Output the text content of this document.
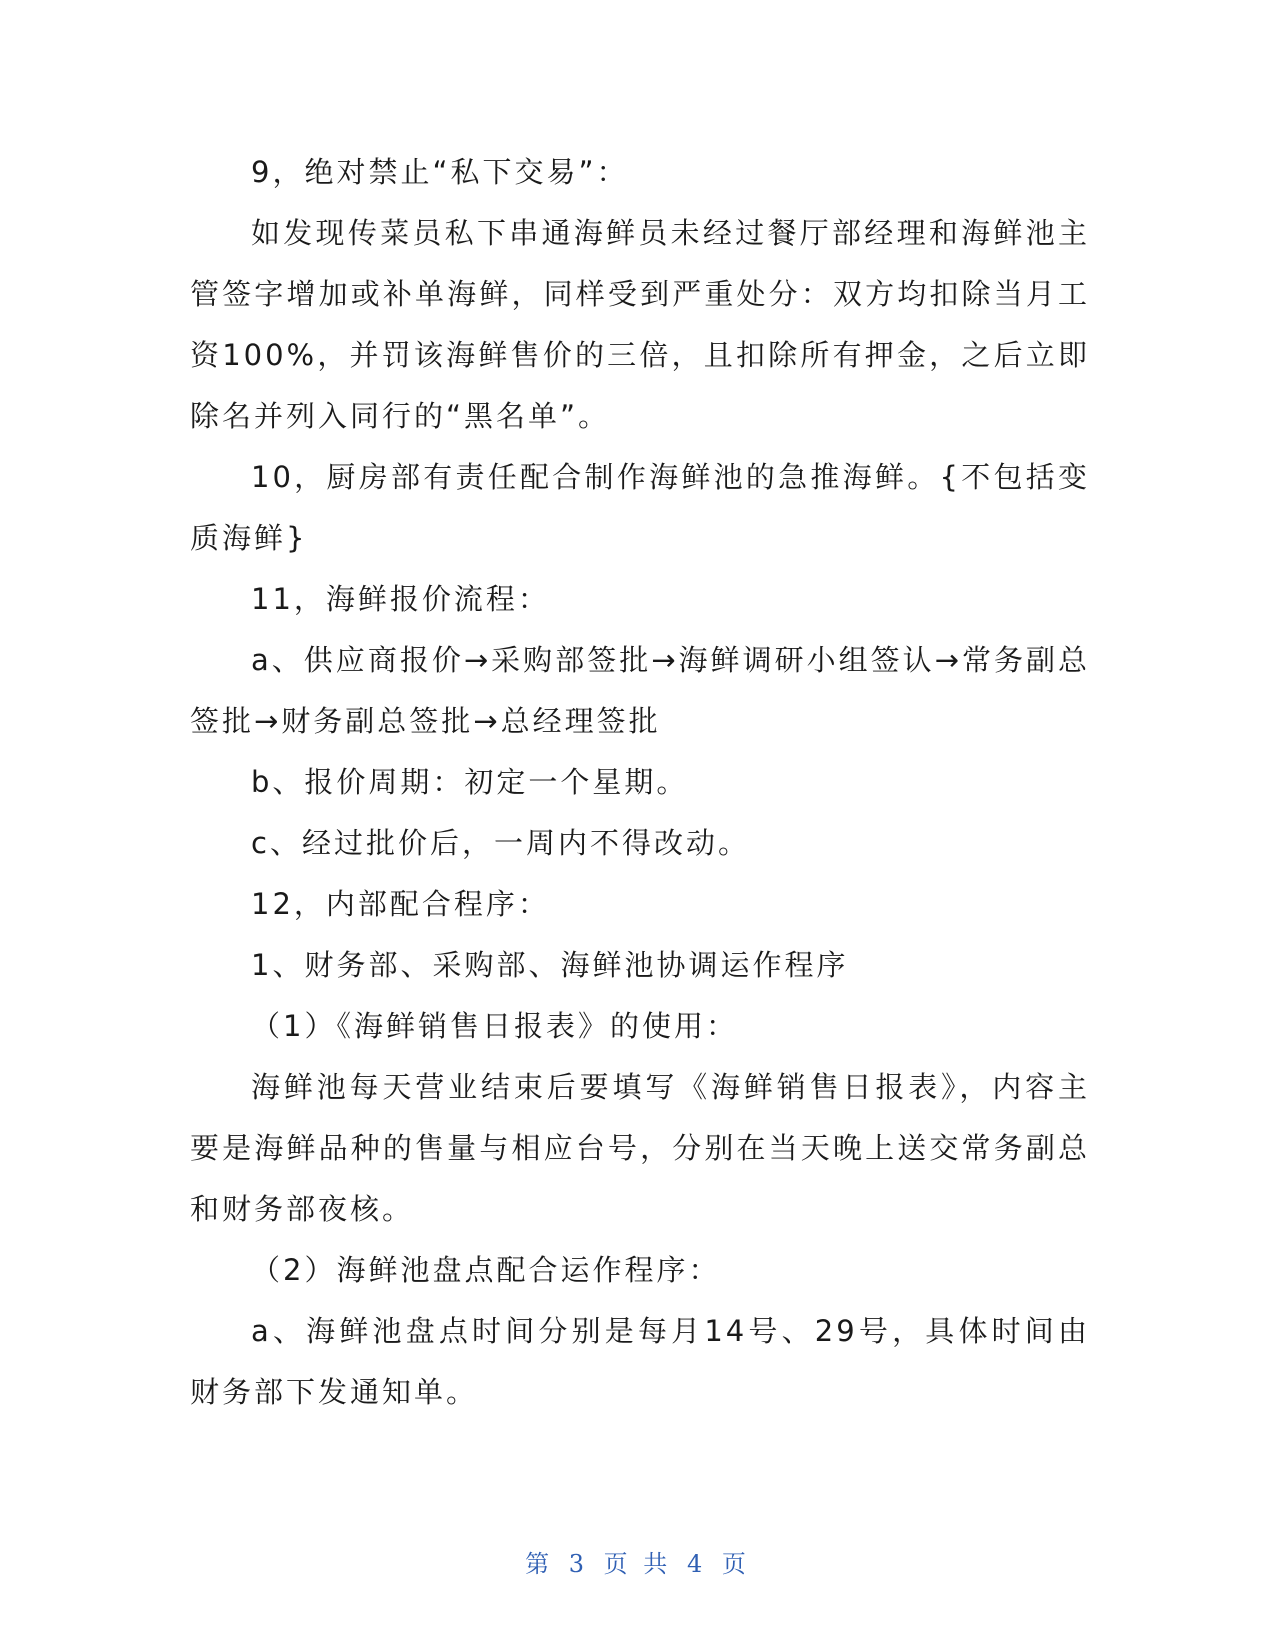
9，绝对禁止“私下交易”：

如发现传菜员私下串通海鲜员未经过餐厅部经理和海鲜池主管签字增加或补单海鲜，同样受到严重处分：双方均扣除当月工资100%，并罚该海鲜售价的三倍，且扣除所有押金，之后立即除名并列入同行的“黑名单”。

10，厨房部有责任配合制作海鲜池的急推海鲜。{不包括变质海鲜}

11，海鲜报价流程：

a、供应商报价→采购部签批→海鲜调研小组签认→常务副总签批→财务副总签批→总经理签批

b、报价周期：初定一个星期。

c、经过批价后，一周内不得改动。

12，内部配合程序：

1、财务部、采购部、海鲜池协调运作程序

（1）《海鲜销售日报表》的使用：

海鲜池每天营业结束后要填写《海鲜销售日报表》，内容主要是海鲜品种的售量与相应台号，分别在当天晚上送交常务副总和财务部夜核。

（2）海鲜池盘点配合运作程序：

a、海鲜池盘点时间分别是每月14号、29号，具体时间由财务部下发通知单。

第 3 页 共 4 页
